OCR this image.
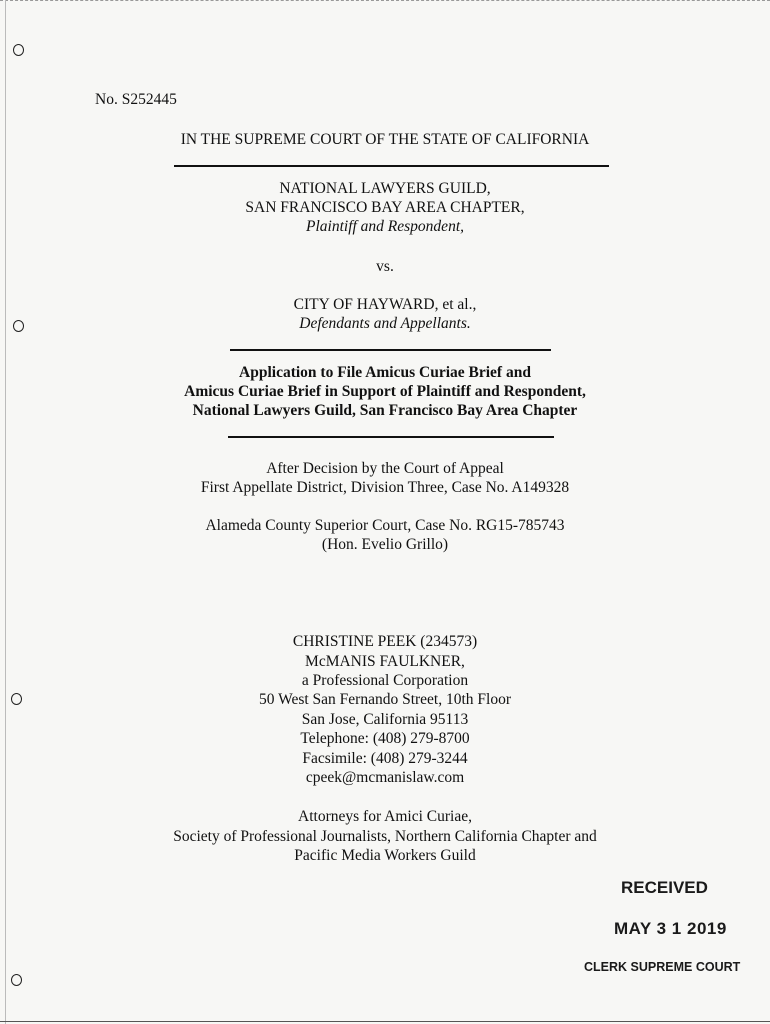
No. S252445
IN THE SUPREME COURT OF THE STATE OF CALIFORNIA
NATIONAL LAWYERS GUILD,
SAN FRANCISCO BAY AREA CHAPTER,
Plaintiff and Respondent,
vs.
CITY OF HAYWARD, et al.,
Defendants and Appellants.
Application to File Amicus Curiae Brief and
Amicus Curiae Brief in Support of Plaintiff and Respondent,
National Lawyers Guild, San Francisco Bay Area Chapter
After Decision by the Court of Appeal
First Appellate District, Division Three, Case No. A149328
Alameda County Superior Court, Case No. RG15-785743
(Hon. Evelio Grillo)
CHRISTINE PEEK (234573)
McMANIS FAULKNER,
a Professional Corporation
50 West San Fernando Street, 10th Floor
San Jose, California 95113
Telephone: (408) 279-8700
Facsimile: (408) 279-3244
cpeek@mcmanislaw.com
Attorneys for Amici Curiae,
Society of Professional Journalists, Northern California Chapter and
Pacific Media Workers Guild
RECEIVED
MAY 3 1 2019
CLERK SUPREME COURT
